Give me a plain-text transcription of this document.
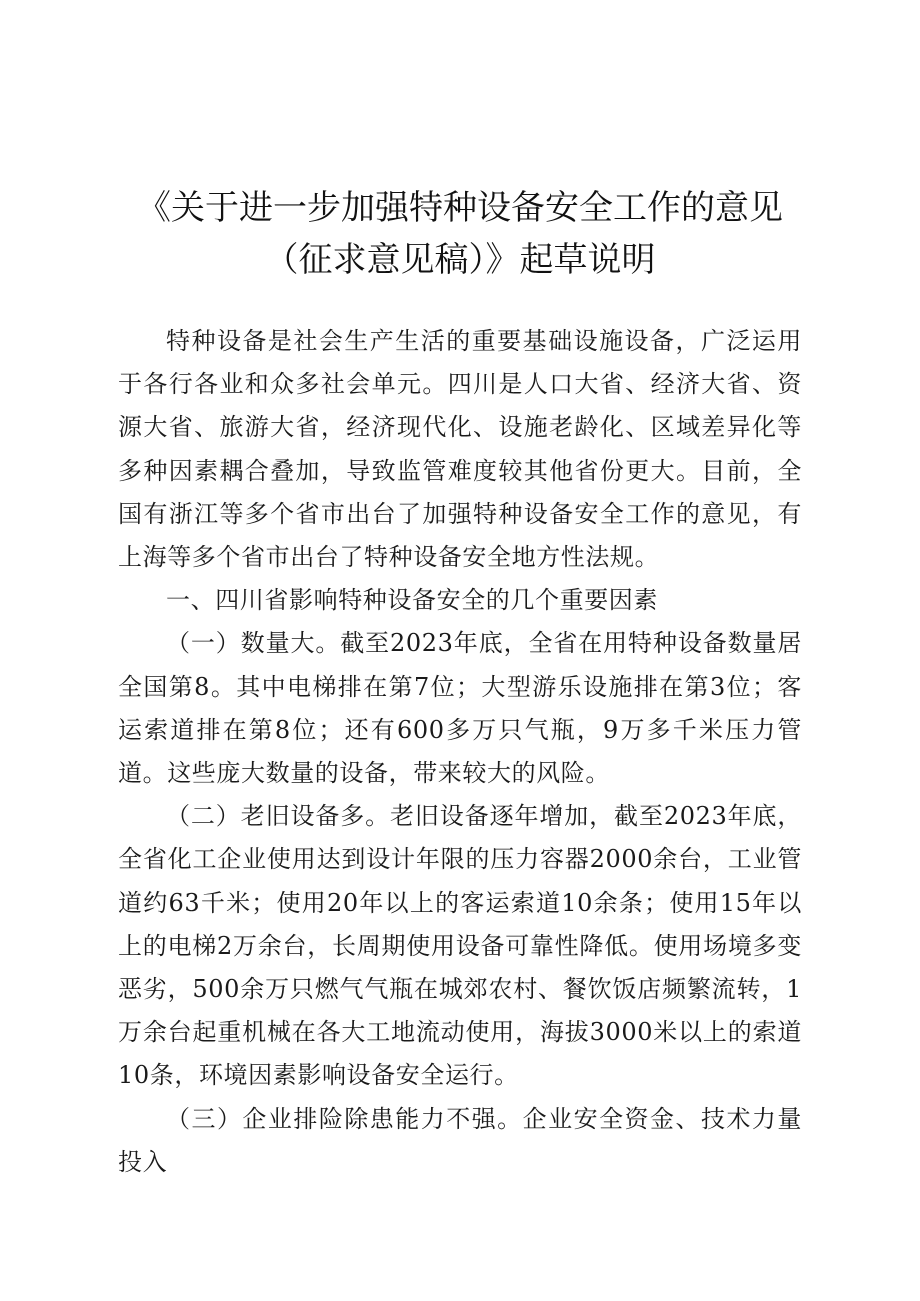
《关于进一步加强特种设备安全工作的意见
（征求意见稿）》起草说明

特种设备是社会生产生活的重要基础设施设备，广泛运用于各行各业和众多社会单元。四川是人口大省、经济大省、资源大省、旅游大省，经济现代化、设施老龄化、区域差异化等多种因素耦合叠加，导致监管难度较其他省份更大。目前，全国有浙江等多个省市出台了加强特种设备安全工作的意见，有上海等多个省市出台了特种设备安全地方性法规。

一、四川省影响特种设备安全的几个重要因素

（一）数量大。截至2023年底，全省在用特种设备数量居全国第8。其中电梯排在第7位；大型游乐设施排在第3位；客运索道排在第8位；还有600多万只气瓶，9万多千米压力管道。这些庞大数量的设备，带来较大的风险。

（二）老旧设备多。老旧设备逐年增加，截至2023年底，全省化工企业使用达到设计年限的压力容器2000余台，工业管道约63千米；使用20年以上的客运索道10余条；使用15年以上的电梯2万余台，长周期使用设备可靠性降低。使用场境多变恶劣，500余万只燃气气瓶在城郊农村、餐饮饭店频繁流转，1万余台起重机械在各大工地流动使用，海拔3000米以上的索道10条，环境因素影响设备安全运行。

（三）企业排险除患能力不强。企业安全资金、技术力量投入
